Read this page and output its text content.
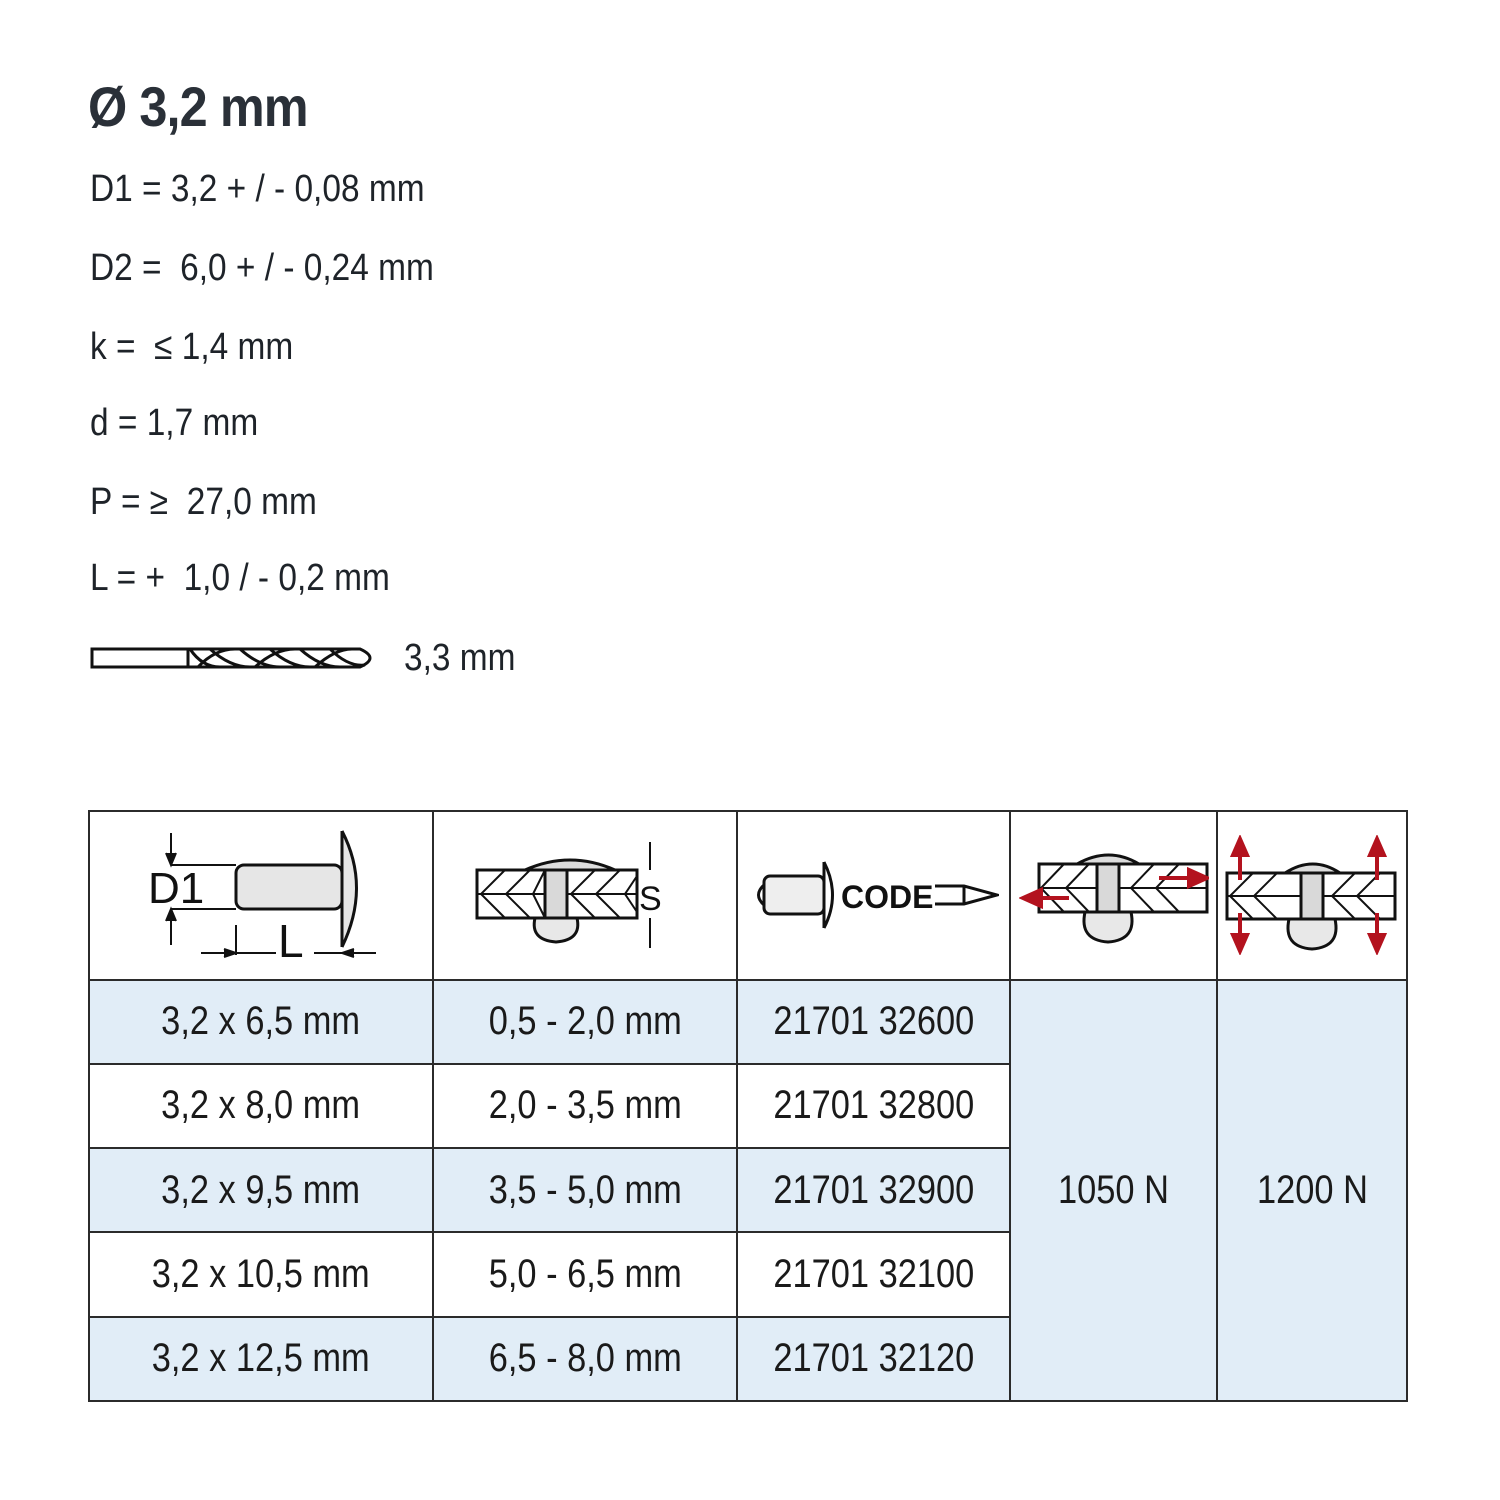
Ø 3,2 mm
D1 = 3,2 + / - 0,08 mm
D2 =  6,0 + / - 0,24 mm
k =  ≤ 1,4 mm
d = 1,7 mm
P = ≥  27,0 mm
L = +  1,0 / - 0,2 mm
3,3 mm
D1
L	S	CODE

3,2 x 6,5 mm	0,5 - 2,0 mm	21701 32600	1050 N	1200 N
3,2 x 8,0 mm	2,0 - 3,5 mm	21701 32800		
3,2 x 9,5 mm	3,5 - 5,0 mm	21701 32900		
3,2 x 10,5 mm	5,0 - 6,5 mm	21701 32100		
3,2 x 12,5 mm	6,5 - 8,0 mm	21701 32120		
